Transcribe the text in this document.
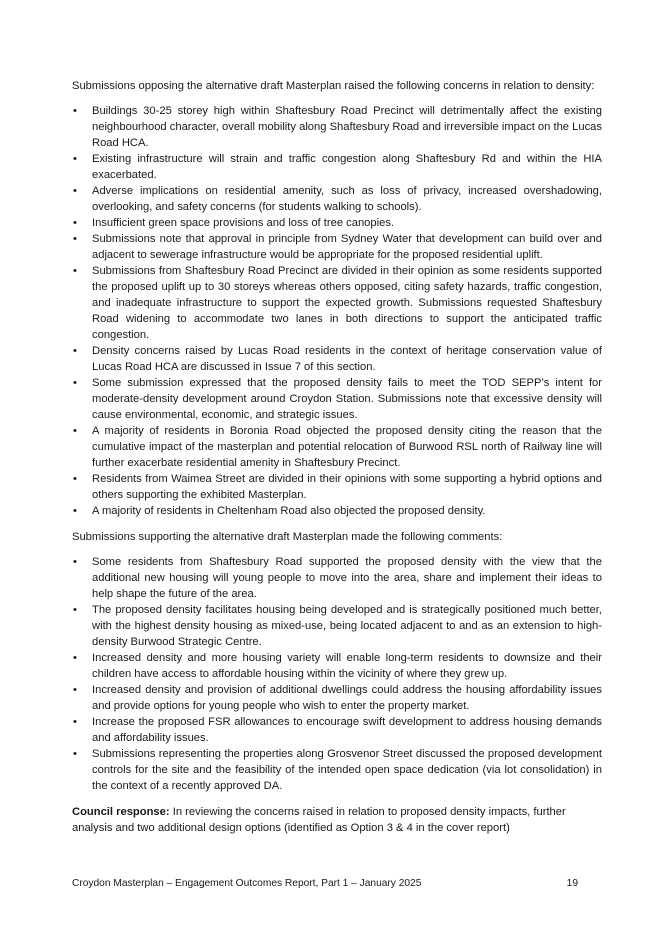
Submissions opposing the alternative draft Masterplan raised the following concerns in relation to density:

• Buildings 30-25 storey high within Shaftesbury Road Precinct will detrimentally affect the existing neighbourhood character, overall mobility along Shaftesbury Road and irreversible impact on the Lucas Road HCA.
• Existing infrastructure will strain and traffic congestion along Shaftesbury Rd and within the HIA exacerbated.
• Adverse implications on residential amenity, such as loss of privacy, increased overshadowing, overlooking, and safety concerns (for students walking to schools).
• Insufficient green space provisions and loss of tree canopies.
• Submissions note that approval in principle from Sydney Water that development can build over and adjacent to sewerage infrastructure would be appropriate for the proposed residential uplift.
• Submissions from Shaftesbury Road Precinct are divided in their opinion as some residents supported the proposed uplift up to 30 storeys whereas others opposed, citing safety hazards, traffic congestion, and inadequate infrastructure to support the expected growth. Submissions requested Shaftesbury Road widening to accommodate two lanes in both directions to support the anticipated traffic congestion.
• Density concerns raised by Lucas Road residents in the context of heritage conservation value of Lucas Road HCA are discussed in Issue 7 of this section.
• Some submission expressed that the proposed density fails to meet the TOD SEPP’s intent for moderate-density development around Croydon Station. Submissions note that excessive density will cause environmental, economic, and strategic issues.
• A majority of residents in Boronia Road objected the proposed density citing the reason that the cumulative impact of the masterplan and potential relocation of Burwood RSL north of Railway line will further exacerbate residential amenity in Shaftesbury Precinct.
• Residents from Waimea Street are divided in their opinions with some supporting a hybrid options and others supporting the exhibited Masterplan.
• A majority of residents in Cheltenham Road also objected the proposed density.

Submissions supporting the alternative draft Masterplan made the following comments:

• Some residents from Shaftesbury Road supported the proposed density with the view that the additional new housing will young people to move into the area, share and implement their ideas to help shape the future of the area.
• The proposed density facilitates housing being developed and is strategically positioned much better, with the highest density housing as mixed-use, being located adjacent to and as an extension to high-density Burwood Strategic Centre.
• Increased density and more housing variety will enable long-term residents to downsize and their children have access to affordable housing within the vicinity of where they grew up.
• Increased density and provision of additional dwellings could address the housing affordability issues and provide options for young people who wish to enter the property market.
• Increase the proposed FSR allowances to encourage swift development to address housing demands and affordability issues.
• Submissions representing the properties along Grosvenor Street discussed the proposed development controls for the site and the feasibility of the intended open space dedication (via lot consolidation) in the context of a recently approved DA.

Council response: In reviewing the concerns raised in relation to proposed density impacts, further analysis and two additional design options (identified as Option 3 & 4 in the cover report)

Croydon Masterplan – Engagement Outcomes Report, Part 1 – January 2025	19
